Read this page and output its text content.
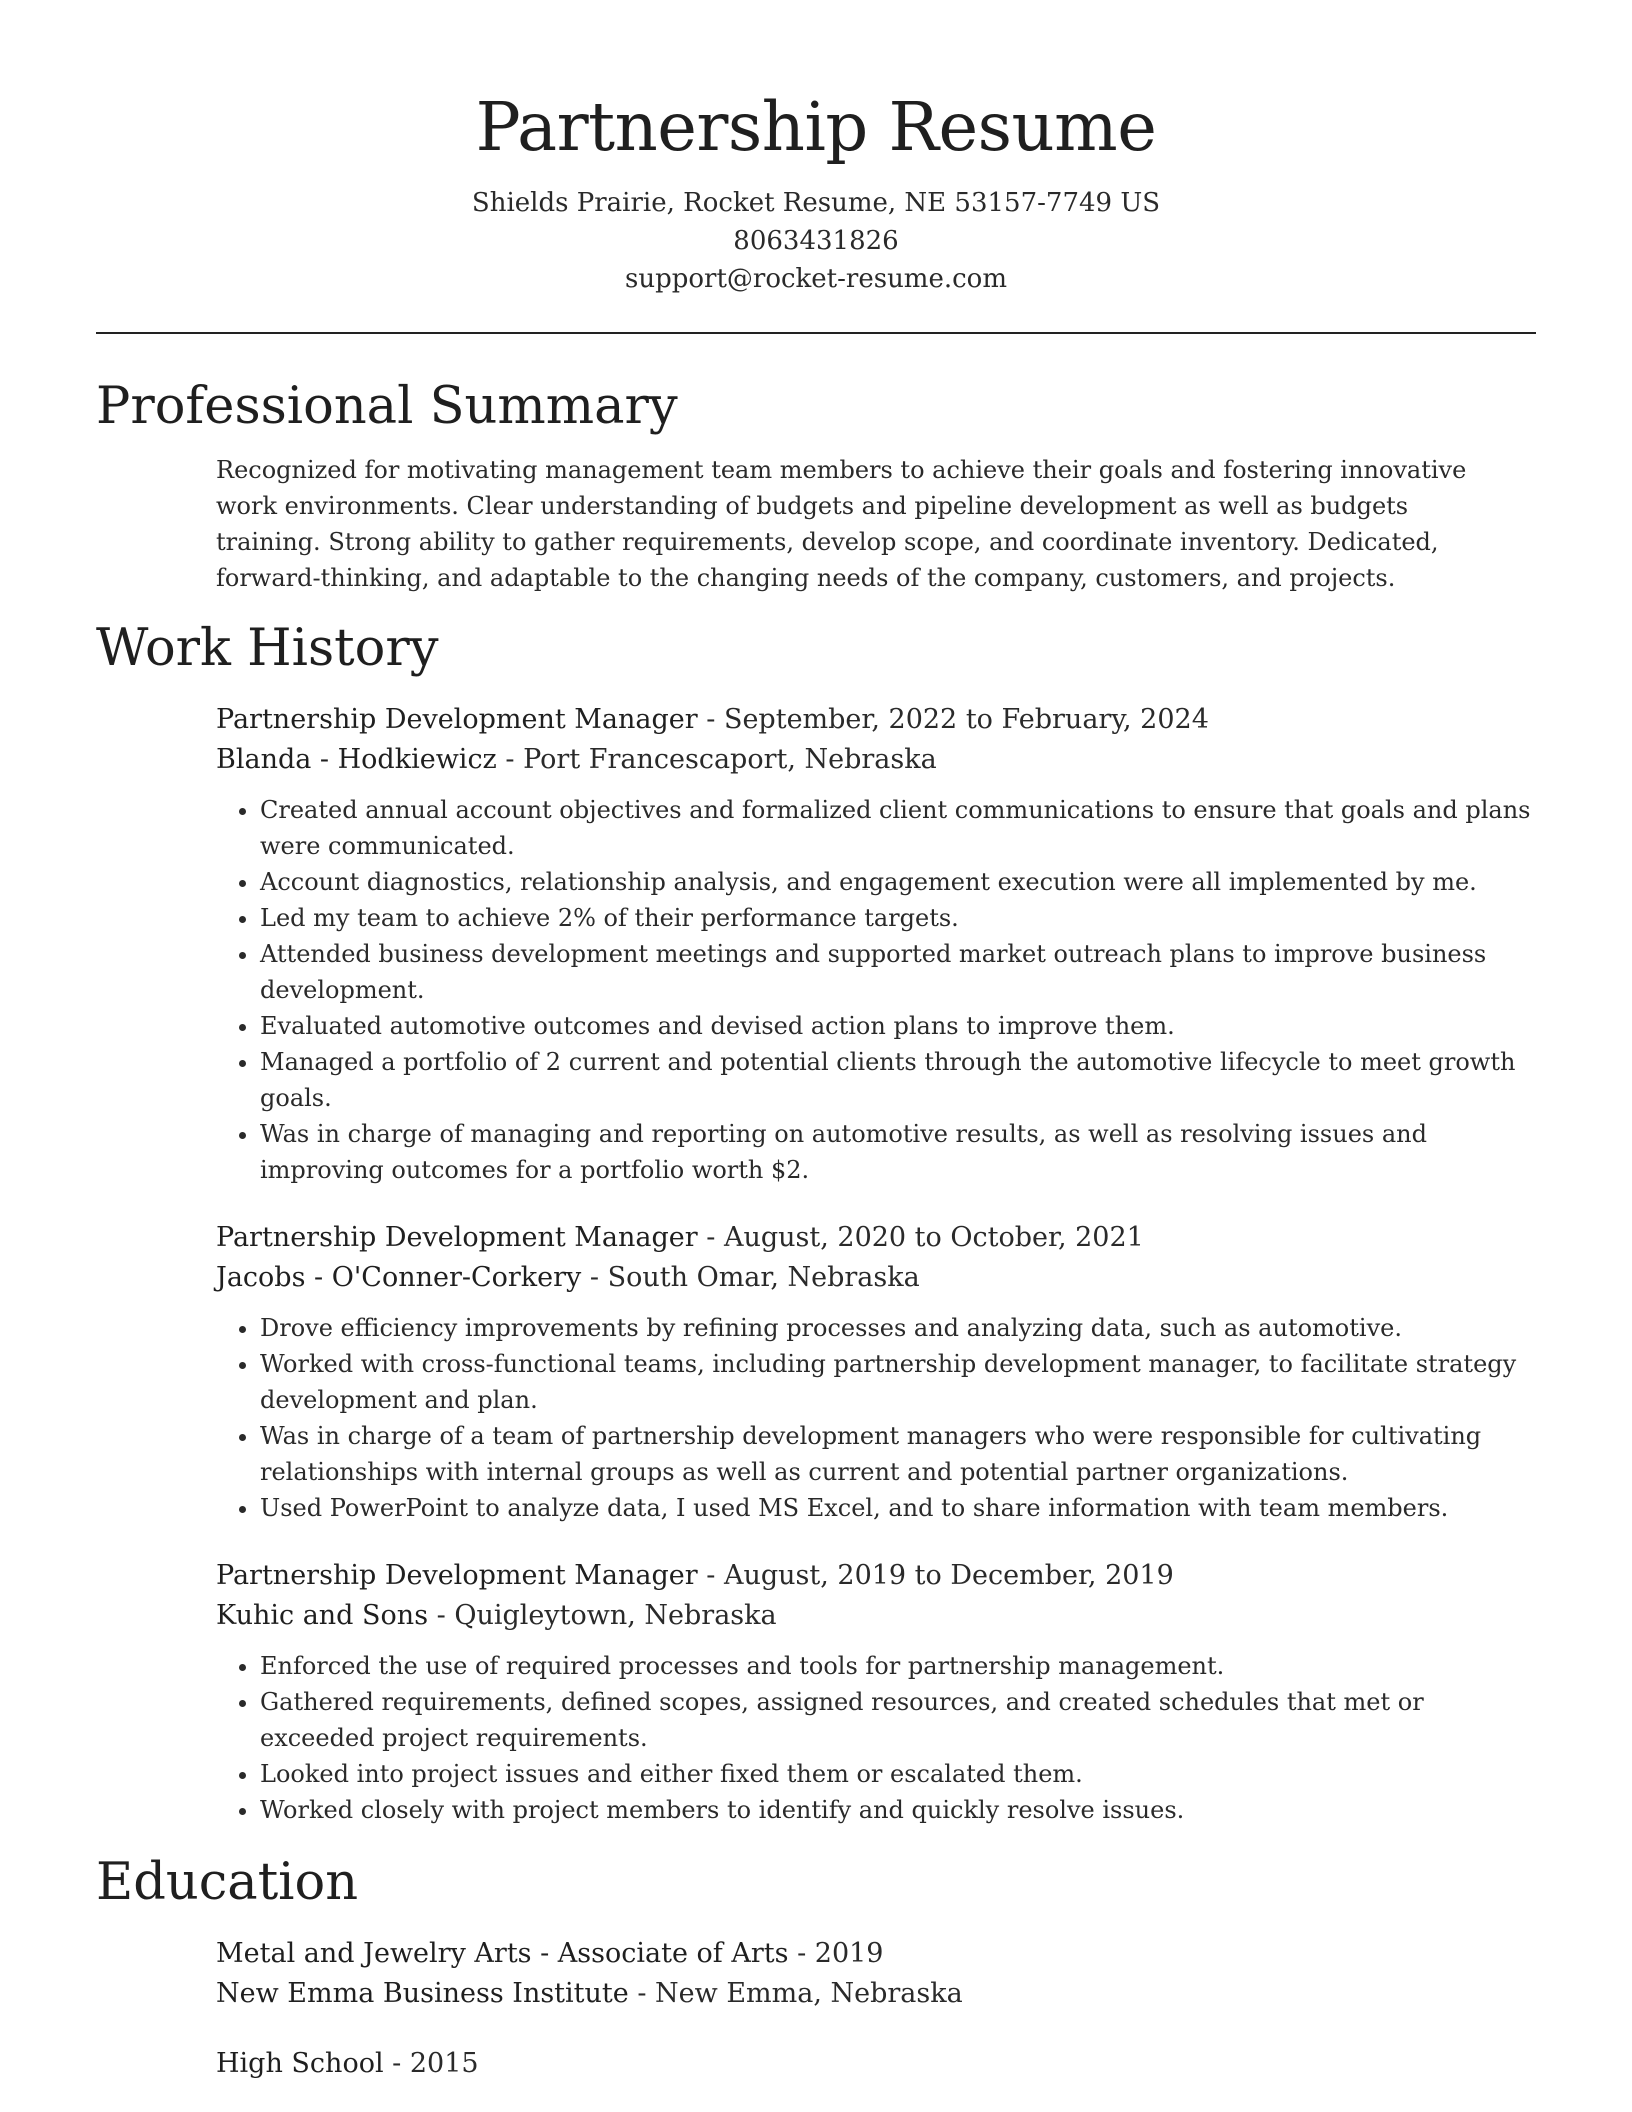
Partnership Resume
Shields Prairie, Rocket Resume, NE 53157-7749 US
8063431826
support@rocket-resume.com
Professional Summary

Recognized for motivating management team members to achieve their goals and fostering innovative work environments. Clear understanding of budgets and pipeline development as well as budgets training. Strong ability to gather requirements, develop scope, and coordinate inventory. Dedicated, forward-thinking, and adaptable to the changing needs of the company, customers, and projects.

Work History
Partnership Development Manager - September, 2022 to February, 2024
Blanda - Hodkiewicz - Port Francescaport, Nebraska
• Created annual account objectives and formalized client communications to ensure that goals and plans were communicated.
• Account diagnostics, relationship analysis, and engagement execution were all implemented by me.
• Led my team to achieve 2% of their performance targets.
• Attended business development meetings and supported market outreach plans to improve business development.
• Evaluated automotive outcomes and devised action plans to improve them.
• Managed a portfolio of 2 current and potential clients through the automotive lifecycle to meet growth goals.
• Was in charge of managing and reporting on automotive results, as well as resolving issues and improving outcomes for a portfolio worth $2.
Partnership Development Manager - August, 2020 to October, 2021
Jacobs - O'Conner-Corkery - South Omar, Nebraska
• Drove efficiency improvements by refining processes and analyzing data, such as automotive.
• Worked with cross-functional teams, including partnership development manager, to facilitate strategy development and plan.
• Was in charge of a team of partnership development managers who were responsible for cultivating relationships with internal groups as well as current and potential partner organizations.
• Used PowerPoint to analyze data, I used MS Excel, and to share information with team members.
Partnership Development Manager - August, 2019 to December, 2019
Kuhic and Sons - Quigleytown, Nebraska
• Enforced the use of required processes and tools for partnership management.
• Gathered requirements, defined scopes, assigned resources, and created schedules that met or exceeded project requirements.
• Looked into project issues and either fixed them or escalated them.
• Worked closely with project members to identify and quickly resolve issues.
Education
Metal and Jewelry Arts - Associate of Arts - 2019
New Emma Business Institute - New Emma, Nebraska
High School - 2015
